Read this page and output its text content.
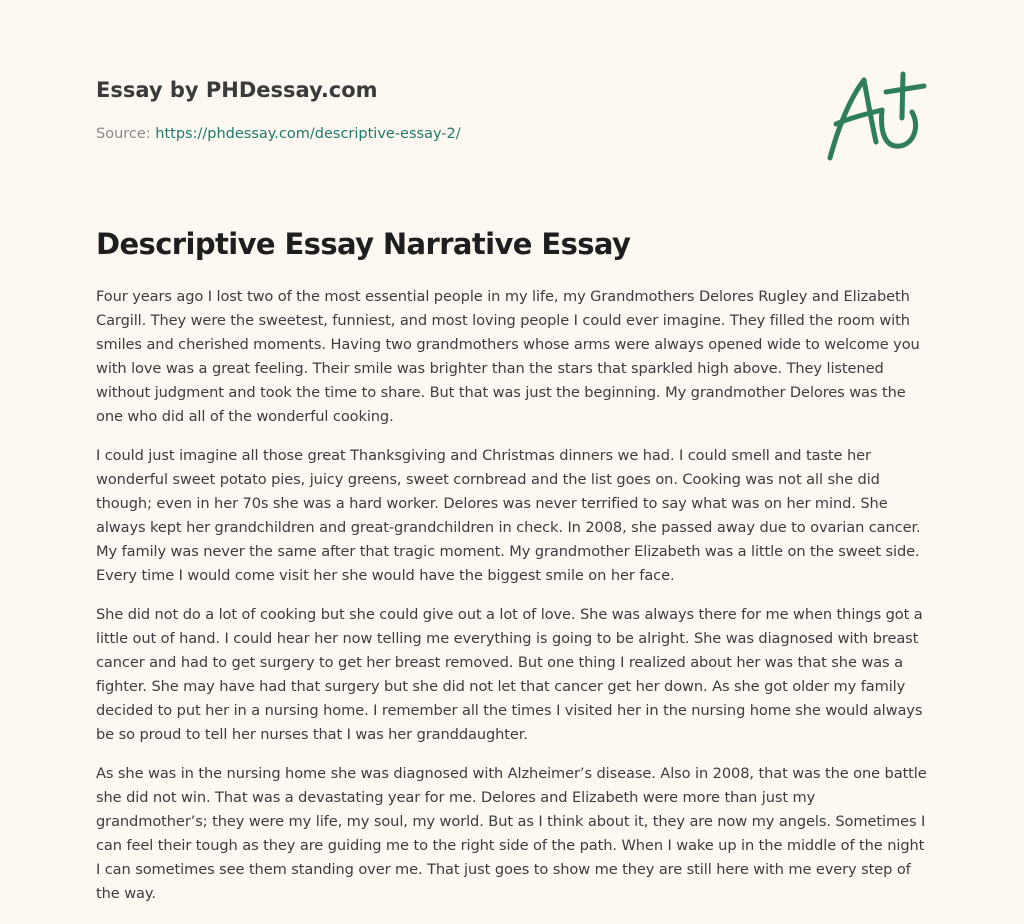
Essay by PHDessay.com

Source: https://phdessay.com/descriptive-essay-2/
Descriptive Essay Narrative Essay

Four years ago I lost two of the most essential people in my life, my Grandmothers Delores Rugley and Elizabeth Cargill. They were the sweetest, funniest, and most loving people I could ever imagine. They filled the room with smiles and cherished moments. Having two grandmothers whose arms were always opened wide to welcome you with love was a great feeling. Their smile was brighter than the stars that sparkled high above. They listened without judgment and took the time to share. But that was just the beginning. My grandmother Delores was the one who did all of the wonderful cooking.

I could just imagine all those great Thanksgiving and Christmas dinners we had. I could smell and taste her wonderful sweet potato pies, juicy greens, sweet cornbread and the list goes on. Cooking was not all she did though; even in her 70s she was a hard worker. Delores was never terrified to say what was on her mind. She always kept her grandchildren and great-grandchildren in check. In 2008, she passed away due to ovarian cancer. My family was never the same after that tragic moment. My grandmother Elizabeth was a little on the sweet side. Every time I would come visit her she would have the biggest smile on her face.

She did not do a lot of cooking but she could give out a lot of love. She was always there for me when things got a little out of hand. I could hear her now telling me everything is going to be alright. She was diagnosed with breast cancer and had to get surgery to get her breast removed. But one thing I realized about her was that she was a fighter. She may have had that surgery but she did not let that cancer get her down. As she got older my family decided to put her in a nursing home. I remember all the times I visited her in the nursing home she would always be so proud to tell her nurses that I was her granddaughter.

As she was in the nursing home she was diagnosed with Alzheimer’s disease. Also in 2008, that was the one battle she did not win. That was a devastating year for me. Delores and Elizabeth were more than just my grandmother’s; they were my life, my soul, my world. But as I think about it, they are now my angels. Sometimes I can feel their tough as they are guiding me to the right side of the path. When I wake up in the middle of the night I can sometimes see them standing over me. That just goes to show me they are still here with me every step of the way.
